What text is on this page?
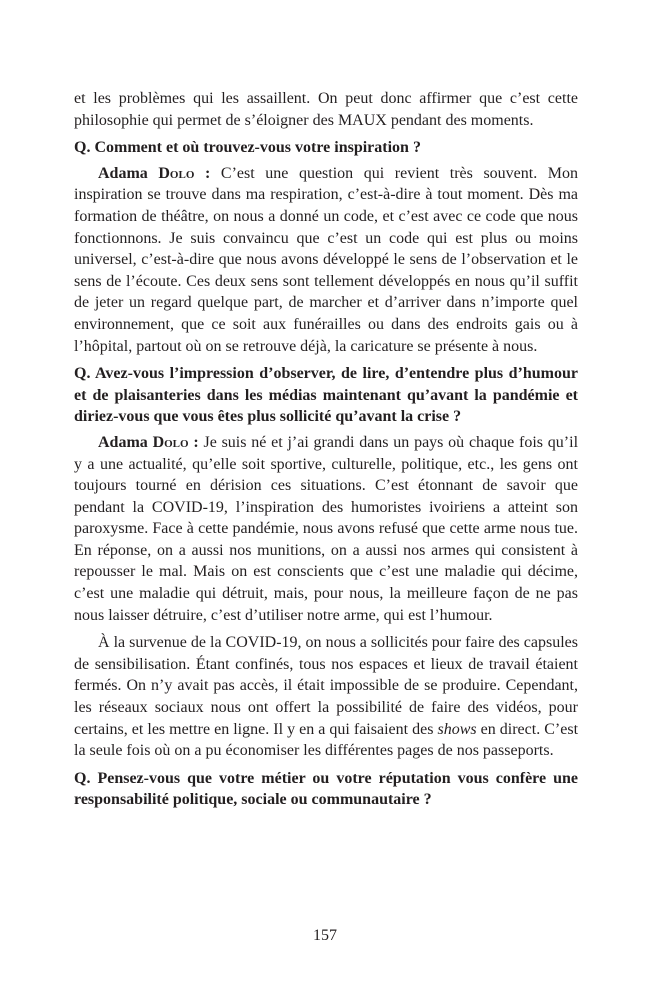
et les problèmes qui les assaillent. On peut donc affirmer que c’est cette philosophie qui permet de s’éloigner des MAUX pendant des moments.

Q. Comment et où trouvez-vous votre inspiration ?

Adama Dolo : C’est une question qui revient très souvent. Mon inspiration se trouve dans ma respiration, c’est-à-dire à tout moment. Dès ma formation de théâtre, on nous a donné un code, et c’est avec ce code que nous fonctionnons. Je suis convaincu que c’est un code qui est plus ou moins universel, c’est-à-dire que nous avons développé le sens de l’observation et le sens de l’écoute. Ces deux sens sont tellement développés en nous qu’il suffit de jeter un regard quelque part, de marcher et d’arriver dans n’importe quel environnement, que ce soit aux funérailles ou dans des endroits gais ou à l’hôpital, partout où on se retrouve déjà, la caricature se présente à nous.

Q. Avez-vous l’impression d’observer, de lire, d’entendre plus d’humour et de plaisanteries dans les médias maintenant qu’avant la pandémie et diriez-vous que vous êtes plus sollicité qu’avant la crise ?

Adama Dolo : Je suis né et j’ai grandi dans un pays où chaque fois qu’il y a une actualité, qu’elle soit sportive, culturelle, politique, etc., les gens ont toujours tourné en dérision ces situations. C’est étonnant de savoir que pendant la COVID-19, l’inspiration des humoristes ivoiriens a atteint son paroxysme. Face à cette pandémie, nous avons refusé que cette arme nous tue. En réponse, on a aussi nos munitions, on a aussi nos armes qui consistent à repousser le mal. Mais on est conscients que c’est une maladie qui décime, c’est une maladie qui détruit, mais, pour nous, la meilleure façon de ne pas nous laisser détruire, c’est d’utiliser notre arme, qui est l’humour.

À la survenue de la COVID-19, on nous a sollicités pour faire des capsules de sensibilisation. Étant confinés, tous nos espaces et lieux de travail étaient fermés. On n’y avait pas accès, il était impossible de se produire. Cependant, les réseaux sociaux nous ont offert la possibilité de faire des vidéos, pour certains, et les mettre en ligne. Il y en a qui faisaient des shows en direct. C’est la seule fois où on a pu économiser les différentes pages de nos passeports.

Q. Pensez-vous que votre métier ou votre réputation vous confère une responsabilité politique, sociale ou communautaire ?

157
